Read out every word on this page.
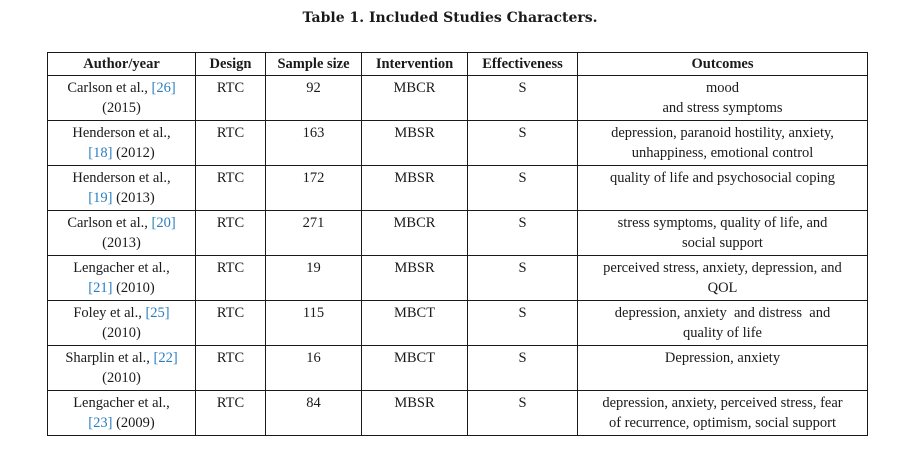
Table 1. Included Studies Characters.
Author/year	Design	Sample size	Intervention	Effectiveness	Outcomes

Carlson et al., [26]
(2015)	RTC	92	MBCR	S	mood
and stress symptoms

Henderson et al.,
[18] (2012)	RTC	163	MBSR	S	depression, paranoid hostility, anxiety,
unhappiness, emotional control

Henderson et al.,
[19] (2013)	RTC	172	MBSR	S	quality of life and psychosocial coping

Carlson et al., [20]
(2013)	RTC	271	MBCR	S	stress symptoms, quality of life, and
social support

Lengacher et al.,
[21] (2010)	RTC	19	MBSR	S	perceived stress, anxiety, depression, and
QOL

Foley et al., [25]
(2010)	RTC	115	MBCT	S	depression, anxiety  and distress  and
quality of life

Sharplin et al., [22]
(2010)	RTC	16	MBCT	S	Depression, anxiety

Lengacher et al.,
[23] (2009)	RTC	84	MBSR	S	depression, anxiety, perceived stress, fear
of recurrence, optimism, social support
